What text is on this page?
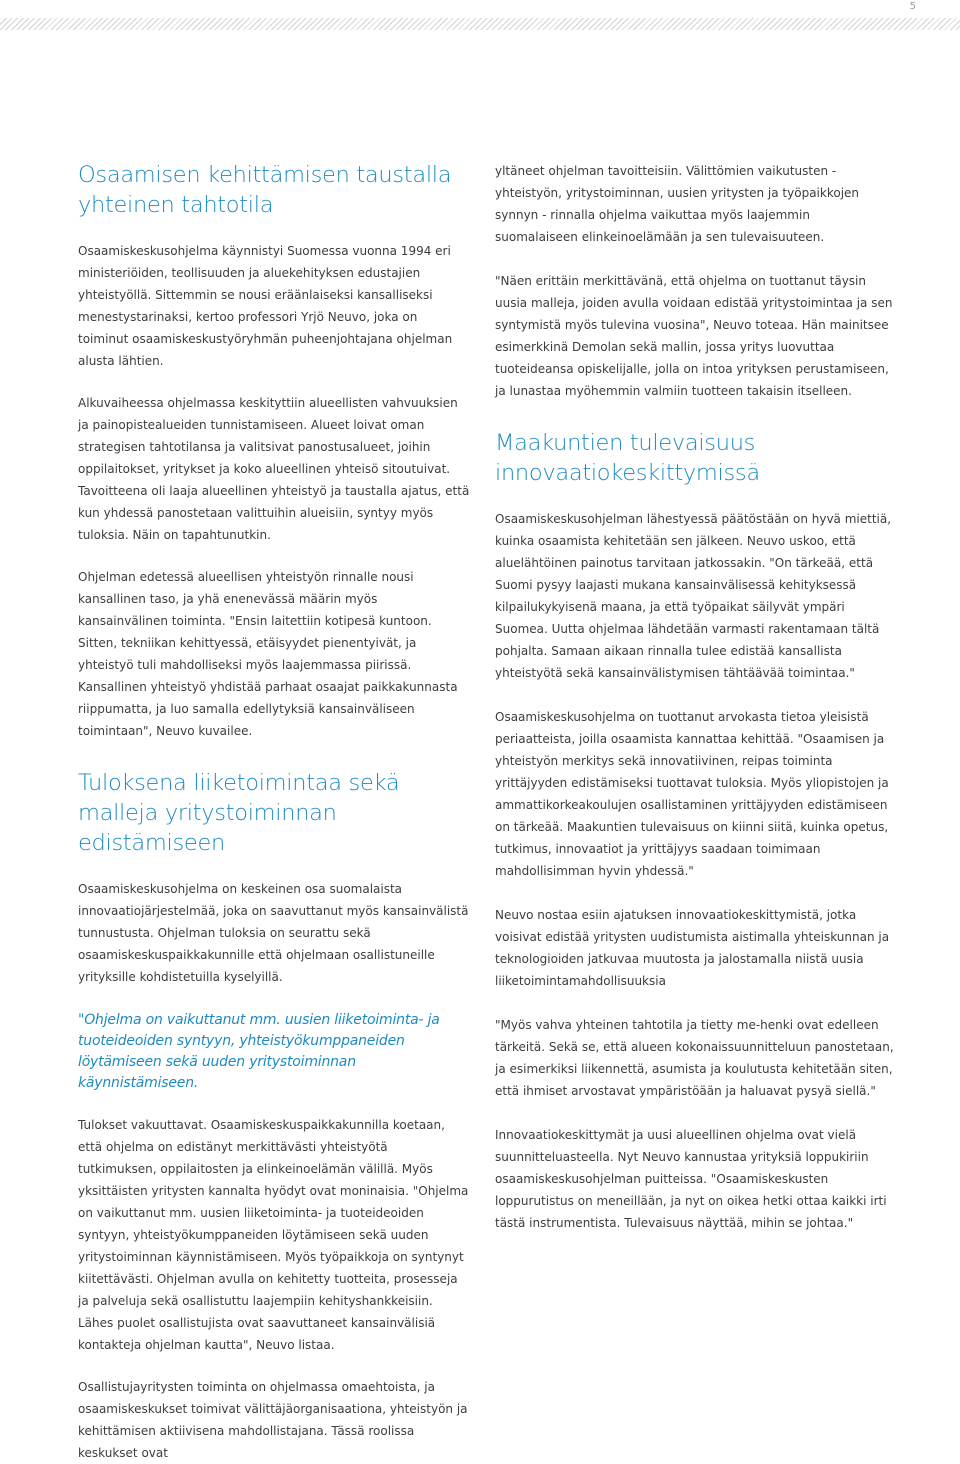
5
Osaamisen kehittämisen taustalla yhteinen tahtotila

Osaamiskeskusohjelma käynnistyi Suomessa vuonna 1994 eri ministeriöiden, teollisuuden ja aluekehityksen edustajien yhteistyöllä. Sittemmin se nousi eräänlaiseksi kansalliseksi menestystarinaksi, kertoo professori Yrjö Neuvo, joka on toiminut osaamiskeskustyöryhmän puheenjohtajana ohjelman alusta lähtien.

Alkuvaiheessa ohjelmassa keskityttiin alueellisten vahvuuksien ja painopistealueiden tunnistamiseen. Alueet loivat oman strategisen tahtotilansa ja valitsivat panostusalueet, joihin oppilaitokset, yritykset ja koko alueellinen yhteisö sitoutuivat. Tavoitteena oli laaja alueellinen yhteistyö ja taustalla ajatus, että kun yhdessä panostetaan valittuihin alueisiin, syntyy myös tuloksia. Näin on tapahtunutkin.

Ohjelman edetessä alueellisen yhteistyön rinnalle nousi kansallinen taso, ja yhä enenevässä määrin myös kansainvälinen toiminta. "Ensin laitettiin kotipesä kuntoon. Sitten, tekniikan kehittyessä, etäisyydet pienentyivät, ja yhteistyö tuli mahdolliseksi myös laajemmassa piirissä. Kansallinen yhteistyö yhdistää parhaat osaajat paikkakunnasta riippumatta, ja luo samalla edellytyksiä kansainväliseen toimintaan", Neuvo kuvailee.

Tuloksena liiketoimintaa sekä malleja yritystoiminnan edistämiseen

Osaamiskeskusohjelma on keskeinen osa suomalaista innovaatiojärjestelmää, joka on saavuttanut myös kansainvälistä tunnustusta. Ohjelman tuloksia on seurattu sekä osaamiskeskuspaikkakunnille että ohjelmaan osallistuneille yrityksille kohdistetuilla kyselyillä.

"Ohjelma on vaikuttanut mm. uusien liiketoiminta- ja tuoteideoiden syntyyn, yhteistyökumppaneiden löytämiseen sekä uuden yritystoiminnan käynnistämiseen.

Tulokset vakuuttavat. Osaamiskeskuspaikkakunnilla koetaan, että ohjelma on edistänyt merkittävästi yhteistyötä tutkimuksen, oppilaitosten ja elinkeinoelämän välillä. Myös yksittäisten yritysten kannalta hyödyt ovat moninaisia. "Ohjelma on vaikuttanut mm. uusien liiketoiminta- ja tuoteideoiden syntyyn, yhteistyökumppaneiden löytämiseen sekä uuden yritystoiminnan käynnistämiseen. Myös työpaikkoja on syntynyt kiitettävästi. Ohjelman avulla on kehitetty tuotteita, prosesseja ja palveluja sekä osallistuttu laajempiin kehityshankkeisiin. Lähes puolet osallistujista ovat saavuttaneet kansainvälisiä kontakteja ohjelman kautta", Neuvo listaa.

Osallistujayritysten toiminta on ohjelmassa omaehtoista, ja osaamiskeskukset toimivat välittäjäorganisaationa, yhteistyön ja kehittämisen aktiivisena mahdollistajana. Tässä roolissa keskukset ovat

yltäneet ohjelman tavoitteisiin. Välittömien vaikutusten - yhteistyön, yritystoiminnan, uusien yritysten ja työpaikkojen synnyn - rinnalla ohjelma vaikuttaa myös laajemmin suomalaiseen elinkeinoelämään ja sen tulevaisuuteen.

"Näen erittäin merkittävänä, että ohjelma on tuottanut täysin uusia malleja, joiden avulla voidaan edistää yritystoimintaa ja sen syntymistä myös tulevina vuosina", Neuvo toteaa. Hän mainitsee esimerkkinä Demolan sekä mallin, jossa yritys luovuttaa tuoteideansa opiskelijalle, jolla on intoa yrityksen perustamiseen, ja lunastaa myöhemmin valmiin tuotteen takaisin itselleen.

Maakuntien tulevaisuus innovaatiokeskittymissä

Osaamiskeskusohjelman lähestyessä päätöstään on hyvä miettiä, kuinka osaamista kehitetään sen jälkeen. Neuvo uskoo, että aluelähtöinen painotus tarvitaan jatkossakin. "On tärkeää, että Suomi pysyy laajasti mukana kansainvälisessä kehityksessä kilpailukykyisenä maana, ja että työpaikat säilyvät ympäri Suomea. Uutta ohjelmaa lähdetään varmasti rakentamaan tältä pohjalta. Samaan aikaan rinnalla tulee edistää kansallista yhteistyötä sekä kansainvälistymisen tähtäävää toimintaa."

Osaamiskeskusohjelma on tuottanut arvokasta tietoa yleisistä periaatteista, joilla osaamista kannattaa kehittää. "Osaamisen ja yhteistyön merkitys sekä innovatiivinen, reipas toiminta yrittäjyyden edistämiseksi tuottavat tuloksia. Myös yliopistojen ja ammattikorkeakoulujen osallistaminen yrittäjyyden edistämiseen on tärkeää. Maakuntien tulevaisuus on kiinni siitä, kuinka opetus, tutkimus, innovaatiot ja yrittäjyys saadaan toimimaan mahdollisimman hyvin yhdessä."

Neuvo nostaa esiin ajatuksen innovaatiokeskittymistä, jotka voisivat edistää yritysten uudistumista aistimalla yhteiskunnan ja teknologioiden jatkuvaa muutosta ja jalostamalla niistä uusia liiketoimintamahdollisuuksia

"Myös vahva yhteinen tahtotila ja tietty me-henki ovat edelleen tärkeitä. Sekä se, että alueen kokonaissuunnitteluun panostetaan, ja esimerkiksi liikennettä, asumista ja koulutusta kehitetään siten, että ihmiset arvostavat ympäristöään ja haluavat pysyä siellä."

Innovaatiokeskittymät ja uusi alueellinen ohjelma ovat vielä suunnitteluasteella. Nyt Neuvo kannustaa yrityksiä loppukiriin osaamiskeskusohjelman puitteissa. "Osaamiskeskusten loppurutistus on meneillään, ja nyt on oikea hetki ottaa kaikki irti tästä instrumentista. Tulevaisuus näyttää, mihin se johtaa."
